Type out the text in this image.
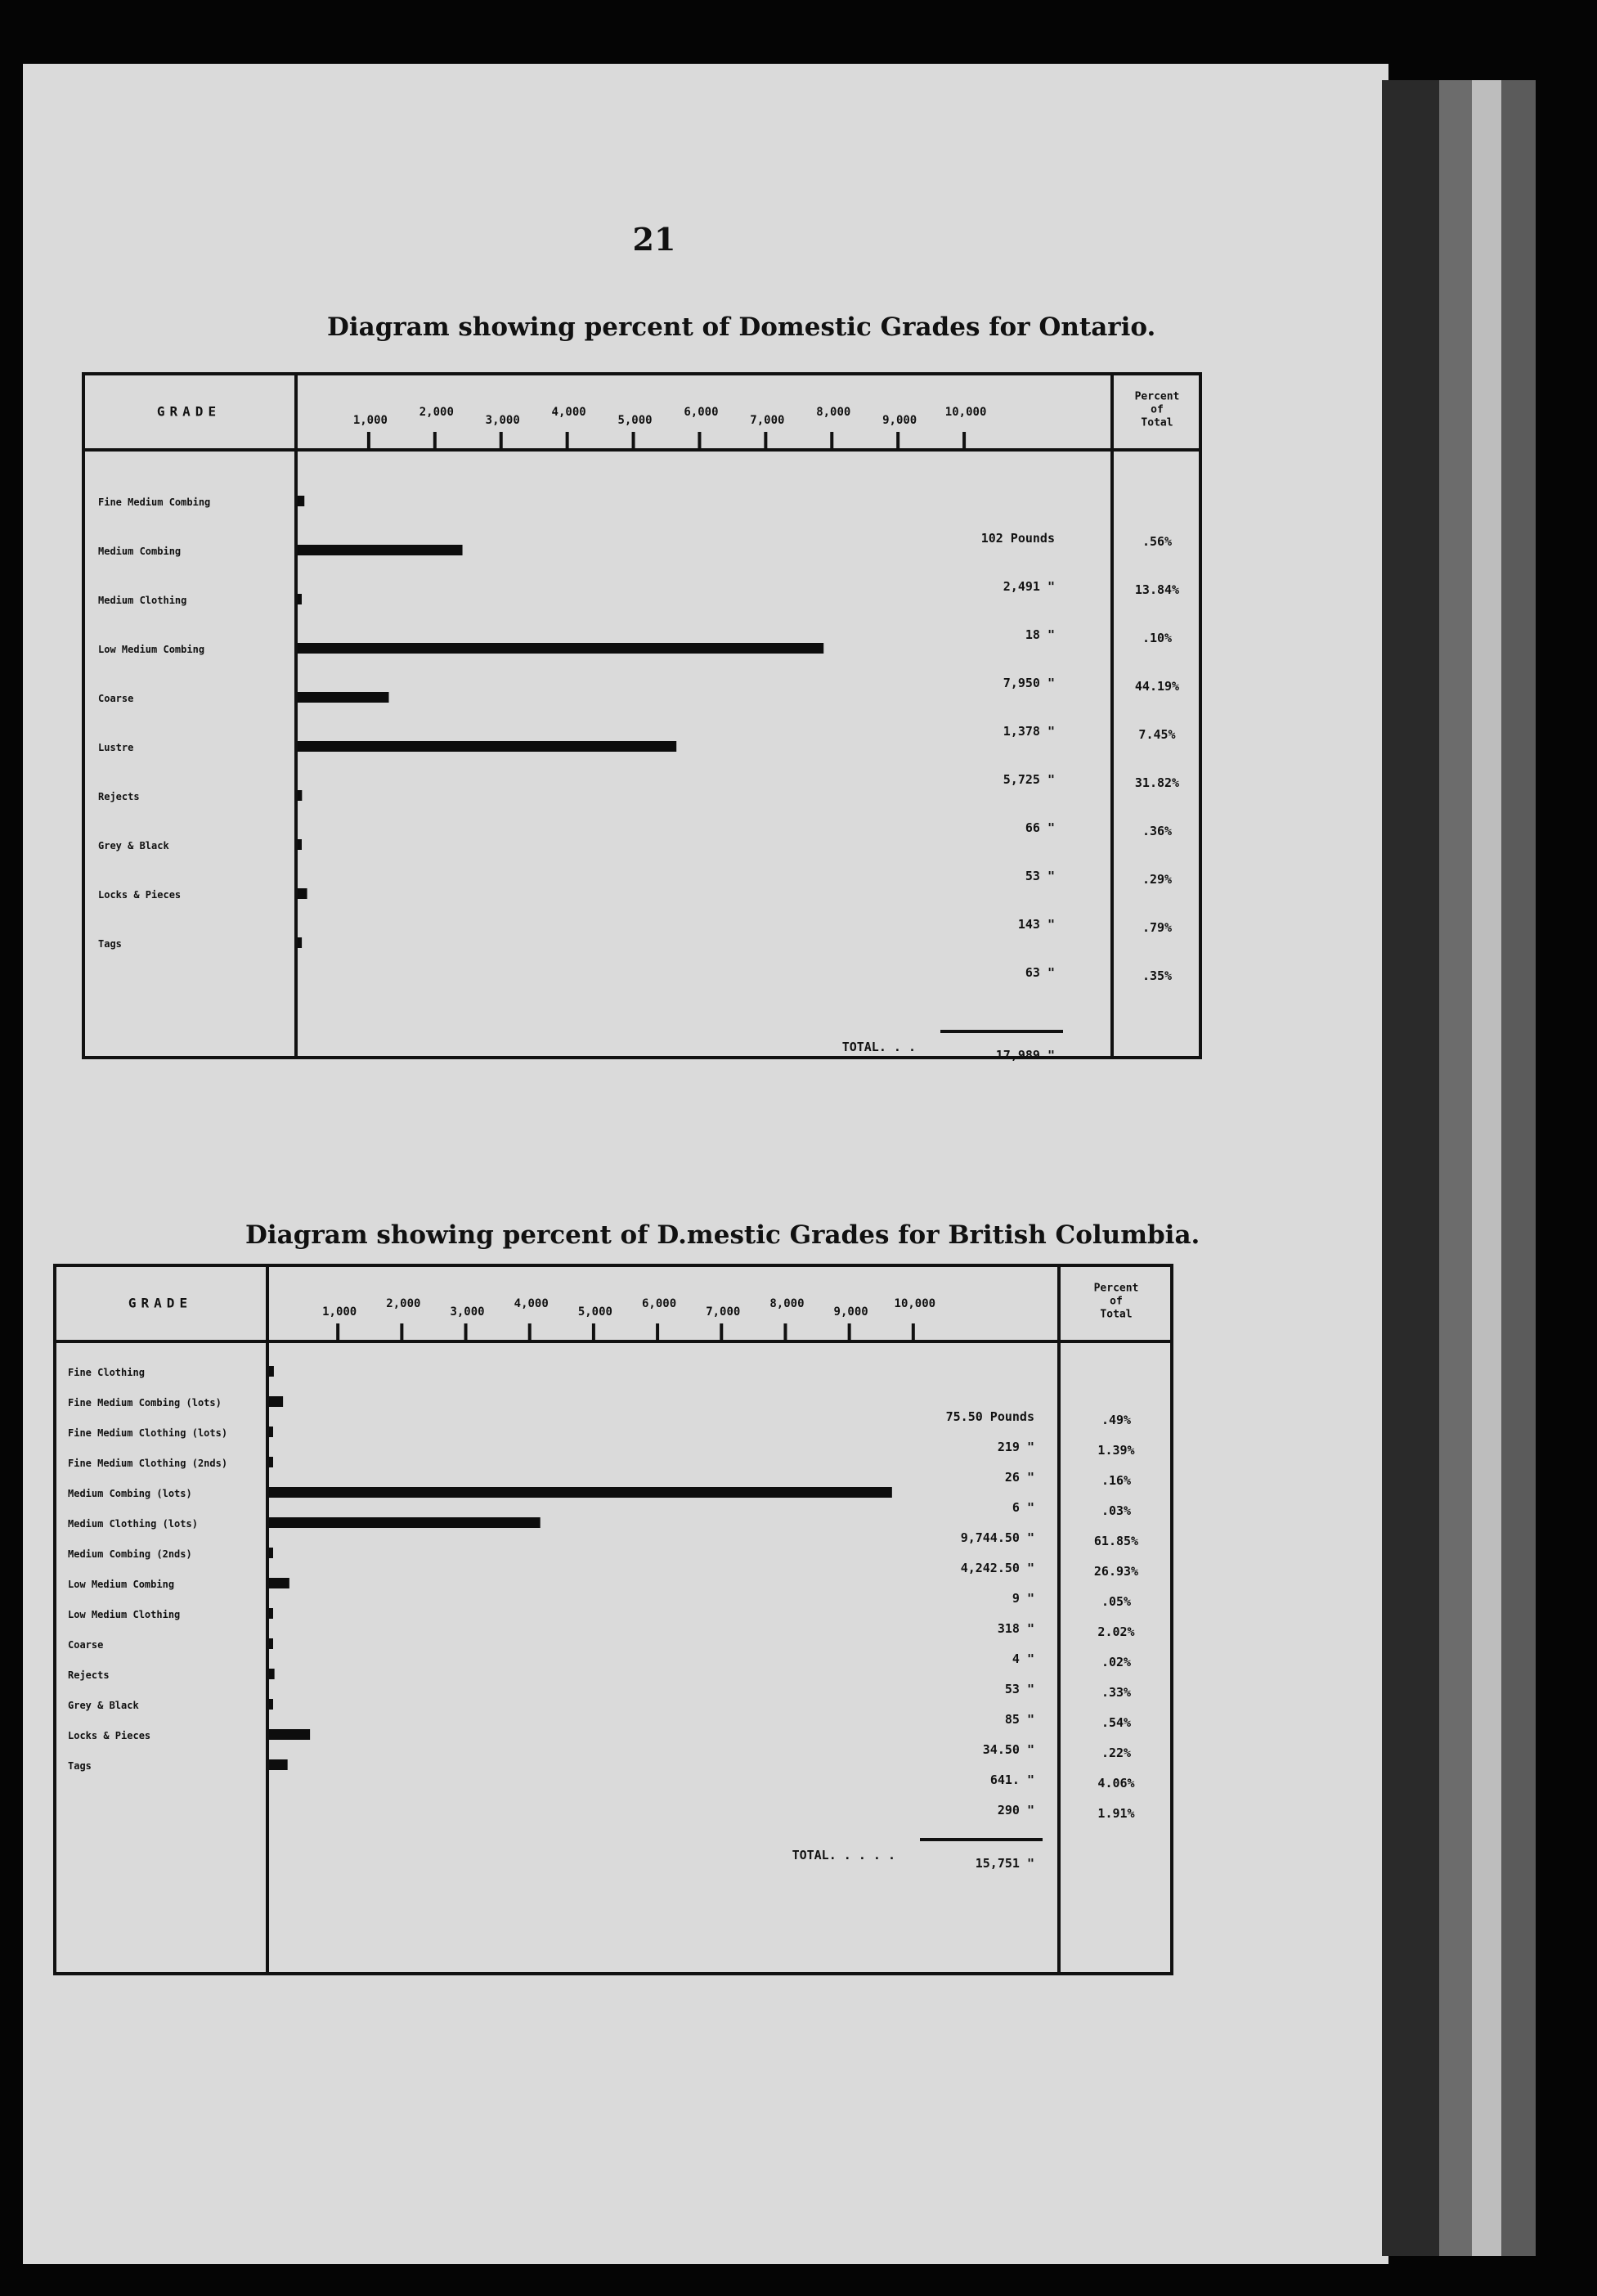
21
Diagram showing percent of Domestic Grades for Ontario.
Diagram showing percent of D.mestic Grades for British Columbia.
GRADE
Percent
of
Total
1,000
2,000
3,000
4,000
5,000
6,000
7,000
8,000
9,000
10,000
Fine Medium Combing
102 Pounds	.56%
Medium Combing
2,491 "	13.84%
Medium Clothing
18 "	.10%
Low Medium Combing
7,950 "	44.19%
Coarse
1,378 "	7.45%
Lustre
5,725 "	31.82%
Rejects
66 "	.36%
Grey & Black
53 "	.29%
Locks & Pieces
143 "	.79%
Tags
63 "	.35%
TOTAL. . .
17,989 "
GRADE
Percent
of
Total
1,000
2,000
3,000
4,000
5,000
6,000
7,000
8,000
9,000
10,000
Fine Clothing
75.50 Pounds	.49%
Fine Medium Combing (lots)
219 "	1.39%
Fine Medium Clothing (lots)
26 "	.16%
Fine Medium Clothing (2nds)
6 "	.03%
Medium Combing (lots)
9,744.50 "	61.85%
Medium Clothing (lots)
4,242.50 "	26.93%
Medium Combing (2nds)
9 "	.05%
Low Medium Combing
318 "	2.02%
Low Medium Clothing
4 "	.02%
Coarse
53 "	.33%
Rejects
85 "	.54%
Grey & Black
34.50 "	.22%
Locks & Pieces
641. "	4.06%
Tags
290 "	1.91%
TOTAL. . . . .
15,751 "
